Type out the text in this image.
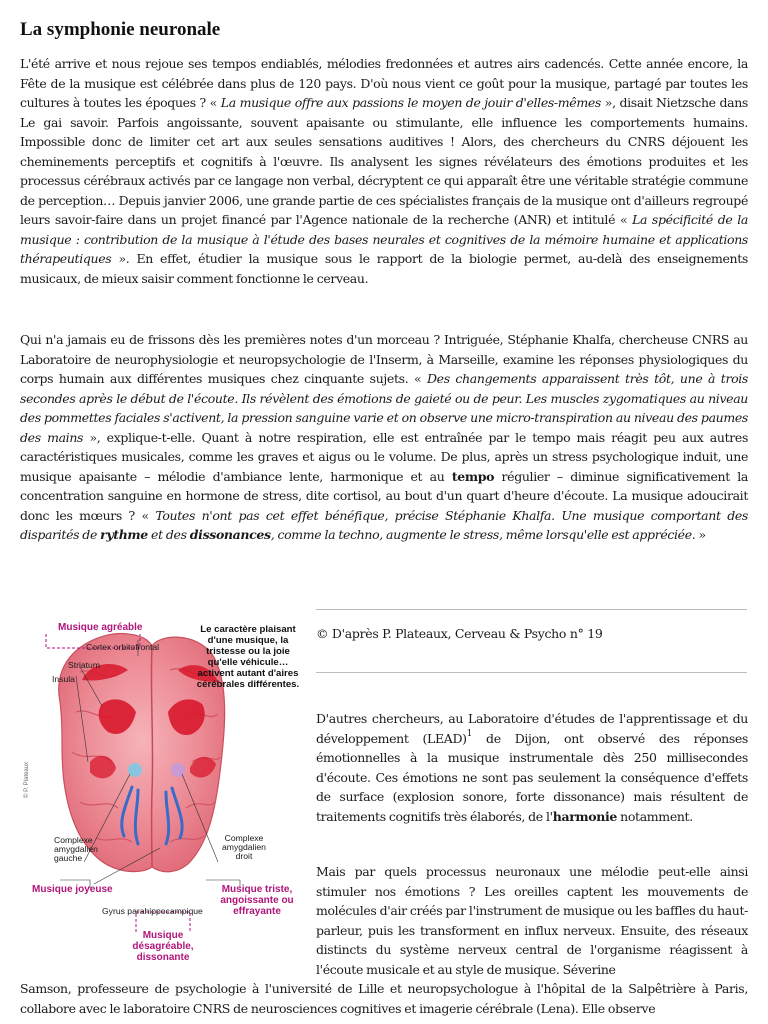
La symphonie neuronale

L'été arrive et nous rejoue ses tempos endiablés, mélodies fredonnées et autres airs cadencés. Cette année encore, la Fête de la musique est célébrée dans plus de 120 pays. D'où nous vient ce goût pour la musique, partagé par toutes les cultures à toutes les époques ? « La musique offre aux passions le moyen de jouir d'elles-mêmes », disait Nietzsche dans Le gai savoir. Parfois angoissante, souvent apaisante ou stimulante, elle influence les comportements humains. Impossible donc de limiter cet art aux seules sensations auditives ! Alors, des chercheurs du CNRS déjouent les cheminements perceptifs et cognitifs à l'œuvre. Ils analysent les signes révélateurs des émotions produites et les processus cérébraux activés par ce langage non verbal, décryptent ce qui apparaît être une véritable stratégie commune de perception… Depuis janvier 2006, une grande partie de ces spécialistes français de la musique ont d'ailleurs regroupé leurs savoir-faire dans un projet financé par l'Agence nationale de la recherche (ANR) et intitulé « La spécificité de la musique : contribution de la musique à l'étude des bases neurales et cognitives de la mémoire humaine et applications thérapeutiques ». En effet, étudier la musique sous le rapport de la biologie permet, au-delà des enseignements musicaux, de mieux saisir comment fonctionne le cerveau.

Qui n'a jamais eu de frissons dès les premières notes d'un morceau ? Intriguée, Stéphanie Khalfa, chercheuse CNRS au Laboratoire de neurophysiologie et neuropsychologie de l'Inserm, à Marseille, examine les réponses physiologiques du corps humain aux différentes musiques chez cinquante sujets. « Des changements apparaissent très tôt, une à trois secondes après le début de l'écoute. Ils révèlent des émotions de gaieté ou de peur. Les muscles zygomatiques au niveau des pommettes faciales s'activent, la pression sanguine varie et on observe une micro-transpiration au niveau des paumes des mains », explique-t-elle. Quant à notre respiration, elle est entraînée par le tempo mais réagit peu aux autres caractéristiques musicales, comme les graves et aigus ou le volume. De plus, après un stress psychologique induit, une musique apaisante – mélodie d'ambiance lente, harmonique et au tempo régulier – diminue significativement la concentration sanguine en hormone de stress, dite cortisol, au bout d'un quart d'heure d'écoute. La musique adoucirait donc les mœurs ? « Toutes n'ont pas cet effet bénéfique, précise Stéphanie Khalfa. Une musique comportant des disparités de rythme et des dissonances, comme la techno, augmente le stress, même lorsqu'elle est appréciée. »

© D'après P. Plateaux, Cerveau & Psycho n° 19

D'autres chercheurs, au Laboratoire d'études de l'apprentissage et du développement (LEAD)$^1$ de Dijon, ont observé des réponses émotionnelles à la musique instrumentale dès 250 millisecondes d'écoute. Ces émotions ne sont pas seulement la conséquence d'effets de surface (explosion sonore, forte dissonance) mais résultent de traitements cognitifs très élaborés, de l'harmonie notamment.

Mais par quels processus neuronaux une mélodie peut-elle ainsi stimuler nos émotions ? Les oreilles captent les mouvements de molécules d'air créés par l'instrument de musique ou les baffles du haut-parleur, puis les transforment en influx nerveux. Ensuite, des réseaux distincts du système nerveux central de l'organisme réagissent à l'écoute musicale et au style de musique. Séverine

Samson, professeure de psychologie à l'université de Lille et neuropsychologue à l'hôpital de la Salpêtrière à Paris, collabore avec le laboratoire CNRS de neurosciences cognitives et imagerie cérébrale (Lena). Elle observe

Musique agréable
Cortex orbitofrontal
Striatum
Insula
Le caractère plaisant d'une musique, la tristesse ou la joie qu'elle véhicule… activent autant d'aires cérébrales différentes.
Complexe amygdalien gauche
Complexe amygdalien droit
Musique joyeuse	Musique triste, angoissante ou effrayante
Gyrus parahippocampique
Musique désagréable, dissonante
© P. Plateaux
